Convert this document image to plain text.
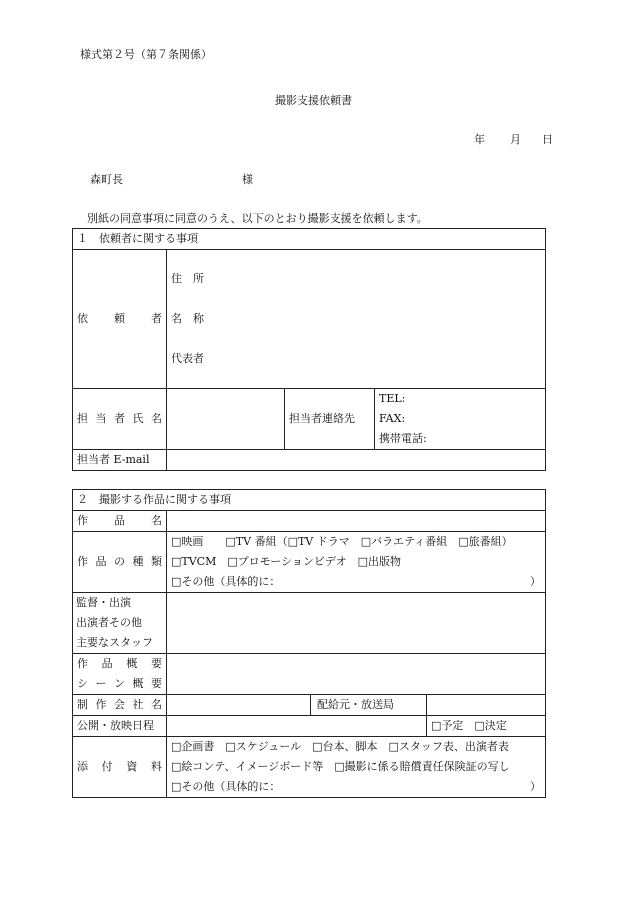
様式第２号（第７条関係）
撮影支援依頼書
年 月 日
森町長	様
別紙の同意事項に同意のうえ、以下のとおり撮影支援を依頼します。
１　依頼者に関する事項			

依　　頼　　者	住　所
名　称
代表者		

担 当 者 氏 名		担当者連絡先	TEL:
FAX:
携帯電話:

担当者 E-mail			
２　撮影する作品に関する事項			

作　　品　　名			

作 品 の 種 類	□映画　　□TV 番組（□TV ドラマ　□バラエティ番組　□旅番組）
□TVCM　□プロモーションビデオ　□出版物
□その他（具体的に： ）		

監督・出演
出演者その他
主要なスタッフ			

作 品 概 要
シ ー ン 概 要			

制 作 会 社 名		配給元・放送局	
公開・放映日程			□予定　□決定

添　付　資　料	□企画書　□スケジュール　□台本、脚本　□スタッフ表、出演者表
□絵コンテ、イメージボード等　□撮影に係る賠償責任保険証の写し
□その他（具体的に： ）		
